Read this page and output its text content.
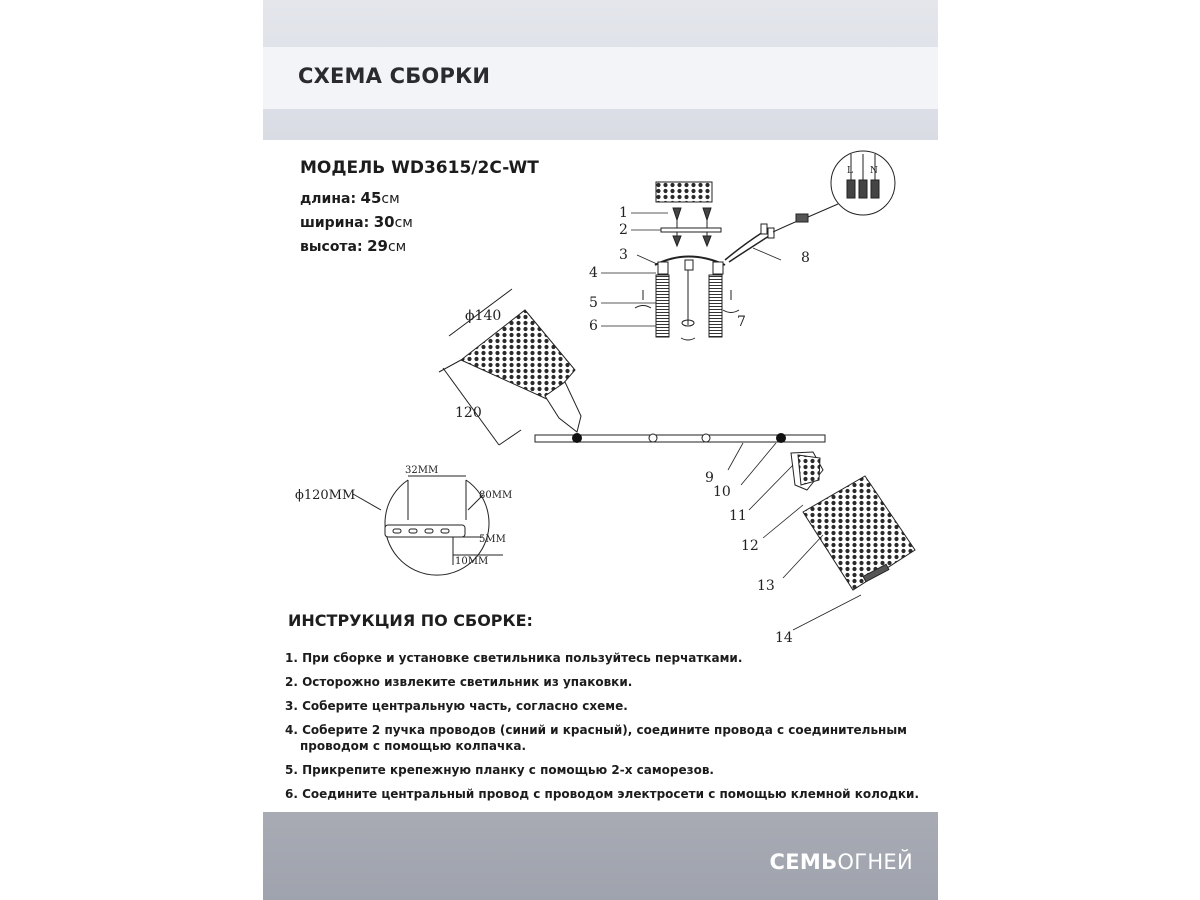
СХЕМА СБОРКИ
МОДЕЛЬ WD3615/2C-WT
длина: 45см
ширина: 30см
высота: 29см
1
2
3
4
5
6	7
8
9
10
11
12
13
14
L N
ϕ140
120
ϕ120MM
32MM
80MM
5MM
10MM
ИНСТРУКЦИЯ ПО СБОРКЕ:
1. При сборке и установке светильника пользуйтесь перчатками.
2. Осторожно извлеките светильник из упаковки.
3. Соберите центральную часть, согласно схеме.
4. Соберите 2 пучка проводов (синий и красный), соедините провода с соединительным
проводом с помощью колпачка.
5. Прикрепите крепежную планку с помощью 2-х саморезов.
6. Соедините центральный провод с проводом электросети с помощью клемной колодки.
СЕМЬОГНЕЙ
